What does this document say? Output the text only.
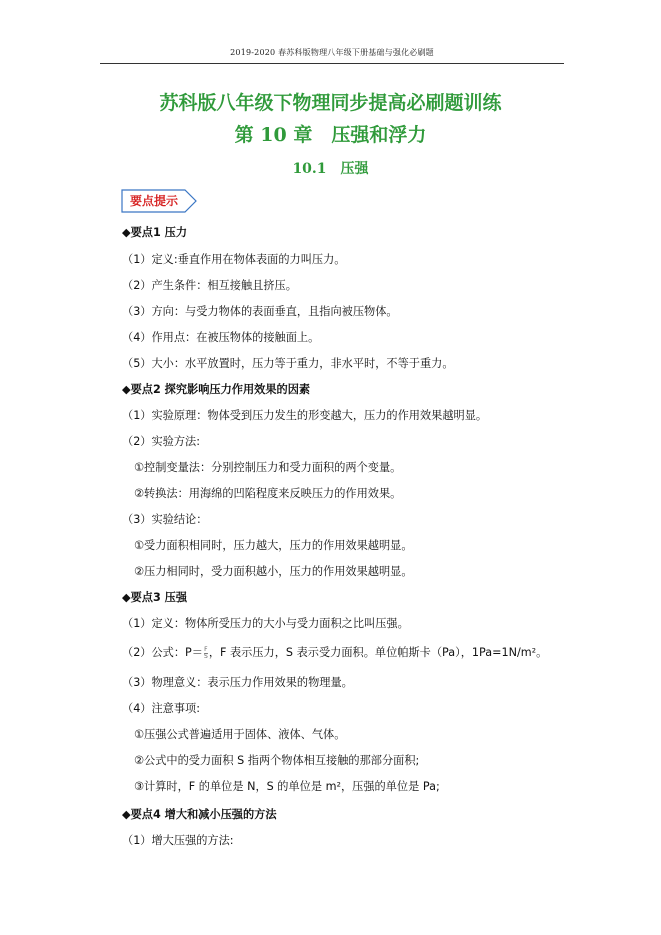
2019-2020 春苏科版物理八年级下册基础与强化必刷题
苏科版八年级下物理同步提高必刷题训练
第 10 章　压强和浮力
10.1　压强
要点提示
◆要点1 压力
（1）定义:垂直作用在物体表面的力叫压力。
（2）产生条件：相互接触且挤压。
（3）方向：与受力物体的表面垂直，且指向被压物体。
（4）作用点：在被压物体的接触面上。
（5）大小：水平放置时，压力等于重力，非水平时，不等于重力。
◆要点2 探究影响压力作用效果的因素
（1）实验原理：物体受到压力发生的形变越大，压力的作用效果越明显。
（2）实验方法:
①控制变量法：分别控制压力和受力面积的两个变量。
②转换法：用海绵的凹陷程度来反映压力的作用效果。
（3）实验结论：
①受力面积相同时，压力越大，压力的作用效果越明显。
②压力相同时，受力面积越小，压力的作用效果越明显。
◆要点3 压强
（1）定义：物体所受压力的大小与受力面积之比叫压强。
（2）公式：$P= \frac{F}{S}$ ，F 表示压力，S 表示受力面积。单位帕斯卡（Pa），1Pa=1N/m²。
（3）物理意义：表示压力作用效果的物理量。
（4）注意事项:
①压强公式普遍适用于固体、液体、气体。
②公式中的受力面积 S 指两个物体相互接触的那部分面积;
③计算时，F 的单位是 N，S 的单位是 m²，压强的单位是 Pa;
◆要点4 增大和减小压强的方法
（1）增大压强的方法:
